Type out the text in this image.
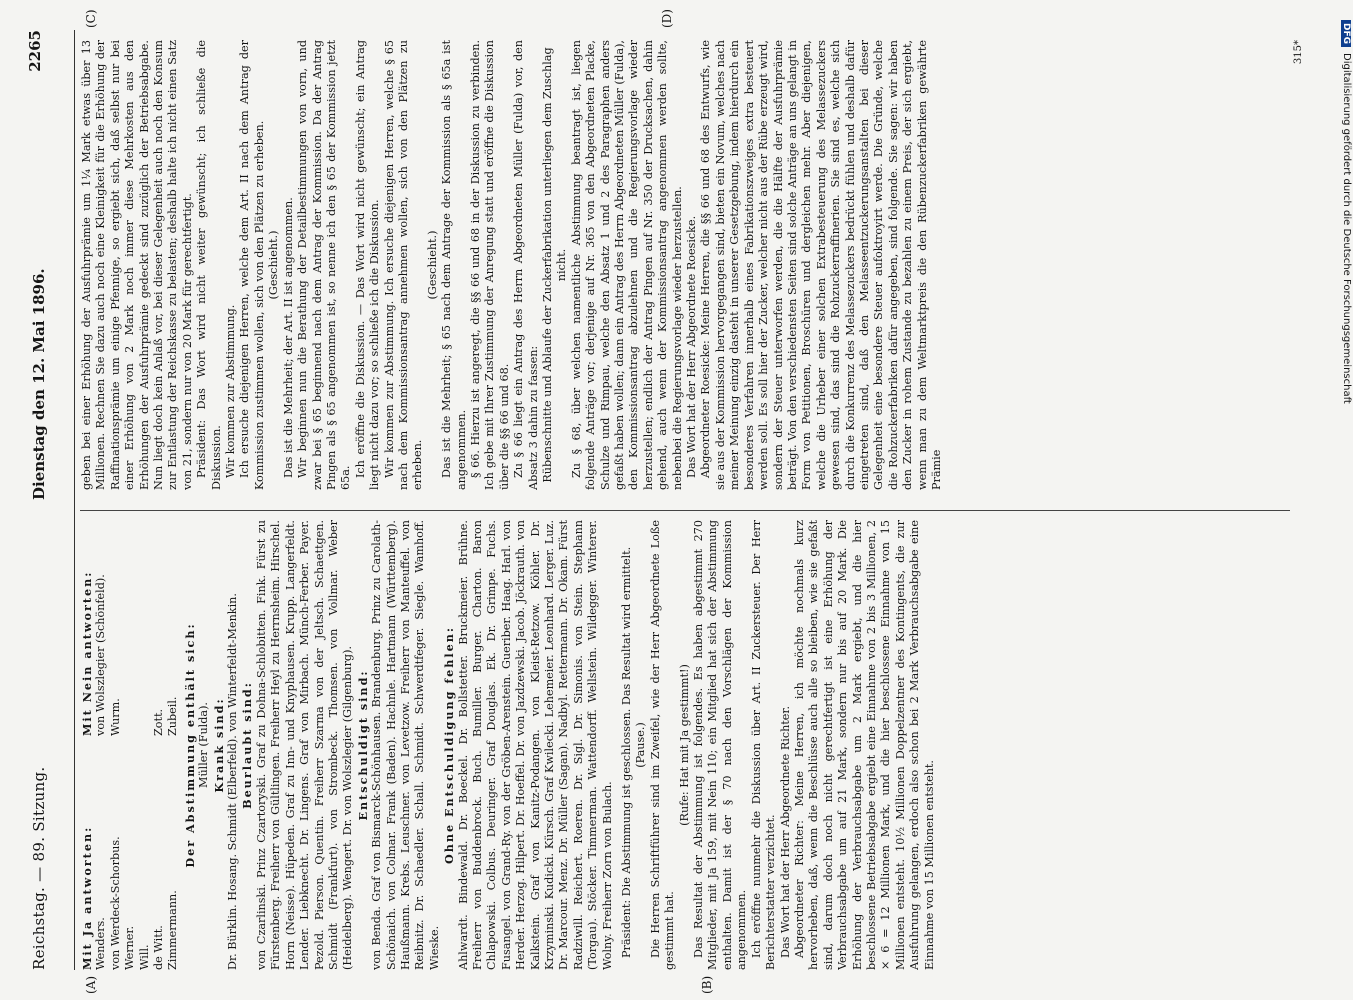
Reichstag. — 89. Sitzung.
Dienstag den 12. Mai 1896.
2265
(A)	(B)
(C)	(D)
Mit Ja antworten:
Mit Nein antworten:
Wenders.
von Wolszlegier (Schönfeld).
von Werdeck-Schorbus.
Wurm.
Werner. Will. de Witt.
Zott.
Zimmermann.
Zubeil. Der Abstimmung enthält sich: Müller (Fulda). Krank sind: Dr. Bürklin. Hosang. Schmidt (Elberfeld). von Winterfeldt-Menkin. Beurlaubt sind: von Czarlinski. Prinz Czartoryski. Graf zu Dohna-Schlobitten. Fink. Fürst zu Fürstenberg. Freiherr von Gültlingen. Freiherr Heyl zu Herrnsheim. Hirschel. Horn (Neisse). Hüpeden. Graf zu Inn- und Knyphausen. Krupp. Langerfeldt. Lender. Liebknecht. Dr. Lingens. Graf von Mirbach. Münch-Ferber. Payer. Pezold. Pierson. Quentin. Freiherr Szarma von der Jeltsch. Schaettgen. Schmidt (Frankfurt). von Strombeck. Thomsen. von Vollmar. Weber (Heidelberg). Wengert. Dr. von Wolszlegier (Gilgenburg). Entschuldigt sind: von Benda. Graf von Bismarck-Schönhausen. Brandenburg. Prinz zu Carolath-Schönaich. von Colmar. Frank (Baden). Hachnle. Hartmann (Württemberg). Haußmann. Krebs. Leuschner. von Levetzow. Freiherr von Manteuffel. von Reibnitz. Dr. Schaedler. Schall. Schmidt. Schwerdtfeger. Siegle. Wamhoff. Wieske.

Ohne Entschuldigung fehlen: Ahlwardt. Bindewald. Dr. Boeckel. Dr. Bollstetter. Bruckmeier. Brühne. Freiherr von Buddenbrock. Buch. Bumiller. Burger. Charton. Baron Chlapowski. Colbus. Deuringer. Graf Douglas. Ek. Dr. Grimpe. Fuchs. Fusangel. von Grand-Ry. von der Gröben-Arenstein. Gueriber. Haag. Harl. von Herder. Herzog. Hilpert. Dr. Hoeffel. Dr. von Jazdzewski. Jacob. Jöckrauth. von Kalkstein. Graf von Kanitz-Podangen. von Kleist-Retzow. Köhler. Dr. Krzyminski. Kudicki. Kürsch. Graf Kwilecki. Lehemeier. Leonhard. Lerger. Luz. Dr. Marcour. Menz. Dr. Müller (Sagan). Nadbyl. Rettermann. Dr. Okam. Fürst Radziwill. Reichert. Roeren. Dr. Sigl. Dr. Simonis. von Stein. Stephann (Torgau). Stöcker. Timmerman. Wattendorff. Wellstein. Wildegger. Winterer. Wolny. Freiherr Zorn von Bulach. Präsident: Die Abstimmung ist geschlossen. Das Resultat wird ermittelt. (Pause.) Die Herren Schriftführer sind im Zweifel, wie der Herr Abgeordnete Loße gestimmt hat.

(Rufe: Hat mit Ja gestimmt!) Das Resultat der Abstimmung ist folgendes. Es haben abgestimmt 270 Mitglieder, mit Ja 159, mit Nein 110; ein Mitglied hat sich der Abstimmung enthalten. Damit ist der § 70 nach den Vorschlägen der Kommission angenommen. Ich eröffne nunmehr die Diskussion über Art. II Zuckersteuer. Der Herr Berichterstatter verzichtet. Das Wort hat der Herr Abgeordnete Richter. Abgeordneter Richter: Meine Herren, ich möchte nochmals kurz hervorheben, daß, wenn die Beschlüsse auch alle so bleiben, wie sie gefaßt sind, darum doch noch nicht gerechtfertigt ist eine Erhöhung der Verbrauchsabgabe um auf 21 Mark, sondern nur bis auf 20 Mark. Die Erhöhung der Verbrauchsabgabe um 2 Mark ergiebt, und die hier beschlossene Betriebsabgabe ergiebt eine Einnahme von 2 bis 3 Millionen, 2 × 6 = 12 Millionen Mark, und die hier beschlossene Einnahme von 15 Millionen entsteht. 10½ Millionen Doppelzentner des Kontingents, die zur Ausfuhrung gelangen, erdoch also schon bei 2 Mark Verbrauchsabgabe eine Einnahme von 15 Millionen entsteht.

geben bei einer Erhöhung der Ausfuhrprämie um 1¼ Mark etwas über 13 Millionen. Rechnen Sie dazu auch noch eine Kleinigkeit für die Erhöhung der Raffinationsprämie um einige Pfennige, so ergiebt sich, daß selbst nur bei einer Erhöhung von 2 Mark noch immer diese Mehrkosten aus den Erhöhungen der Ausfuhrprämie gedeckt sind zuzüglich der Betriebsabgabe. Nun liegt doch kein Anlaß vor, bei dieser Gelegenheit auch noch den Konsum zur Entlastung der Reichskasse zu belasten; deshalb halte ich nicht einen Satz von 21, sondern nur von 20 Mark für gerechtfertigt. Präsident: Das Wort wird nicht weiter gewünscht; ich schließe die Diskussion. Wir kommen zur Abstimmung. Ich ersuche diejenigen Herren, welche dem Art. II nach dem Antrag der Kommission zustimmen wollen, sich von den Plätzen zu erheben. (Geschieht.) Das ist die Mehrheit; der Art. II ist angenommen. Wir beginnen nun die Berathung der Detailbestimmungen von vorn, und zwar bei § 65 beginnend nach dem Antrag der Kommission. Da der Antrag Pingen als § 65 angenommen ist, so nenne ich den § 65 der Kommission jetzt 65a. Ich eröffne die Diskussion. — Das Wort wird nicht gewünscht; ein Antrag liegt nicht dazu vor; so schließe ich die Diskussion. Wir kommen zur Abstimmung. Ich ersuche diejenigen Herren, welche § 65 nach dem Kommissionsantrag annehmen wollen, sich von den Plätzen zu erheben.

(Geschieht.) Das ist die Mehrheit; § 65 nach dem Antrage der Kommission als § 65a ist angenommen. § 66. Hierzu ist angeregt, die §§ 66 und 68 in der Diskussion zu verbinden. Ich gebe mit Ihrer Zustimmung der Anregung statt und eröffne die Diskussion über die §§ 66 und 68. Zu § 66 liegt ein Antrag des Herrn Abgeordneten Müller (Fulda) vor, den Absatz 3 dahin zu fassen: Rübenschnitte und Ablaufe der Zuckerfabrikation unterliegen dem Zuschlag nicht. Zu § 68, über welchen namentliche Abstimmung beantragt ist, liegen folgende Anträge vor; derjenige auf Nr. 365 von den Abgeordneten Placke, Schulze und Rimpau, welche den Absatz 1 und 2 des Paragraphen anders gefaßt haben wollen; dann ein Antrag des Herrn Abgeordneten Müller (Fulda), den Kommissionsantrag abzulehnen und die Regierungsvorlage wieder herzustellen; endlich der Antrag Pingen auf Nr. 350 der Drucksachen, dahin gehend, auch wenn der Kommissionsantrag angenommen werden sollte, nebenbei die Regierungsvorlage wieder herzustellen. Das Wort hat der Herr Abgeordnete Roesicke. Abgeordneter Roesicke: Meine Herren, die §§ 66 und 68 des Entwurfs, wie sie aus der Kommission hervorgegangen sind, bieten ein Novum, welches nach meiner Meinung einzig dasteht in unserer Gesetzgebung, indem hierdurch ein besonderes Verfahren innerhalb eines Fabrikationszweiges extra besteuert werden soll. Es soll hier der Zucker, welcher nicht aus der Rübe erzeugt wird, sondern der Steuer unterworfen werden, die die Hälfte der Ausfuhrprämie beträgt. Von den verschiedensten Seiten sind solche Anträge an uns gelangt in Form von Petitionen, Broschüren und dergleichen mehr. Aber diejenigen, welche die Urheber einer solchen Extrabesteuerung des Melassezuckers gewesen sind, das sind die Rohzuckerraffinerien. Sie sind es, welche sich durch die Konkurrenz des Melassezuckers bedrückt fühlen und deshalb dafür eingetreten sind, daß den Melasseentzuckerungsanstalten bei dieser Gelegenheit eine besondere Steuer aufoktroyirt werde. Die Gründe, welche die Rohzuckerfabriken dafür angegeben, sind folgende. Sie sagen: wir haben den Zucker in rohem Zustande zu bezahlen zu einem Preis, der sich ergiebt, wenn man zu dem Weltmarktpreis die den Rübenzuckerfabriken gewährte Prämie

315*
DFGDigitalisierung gefördert durch die Deutsche Forschungsgemeinschaft
